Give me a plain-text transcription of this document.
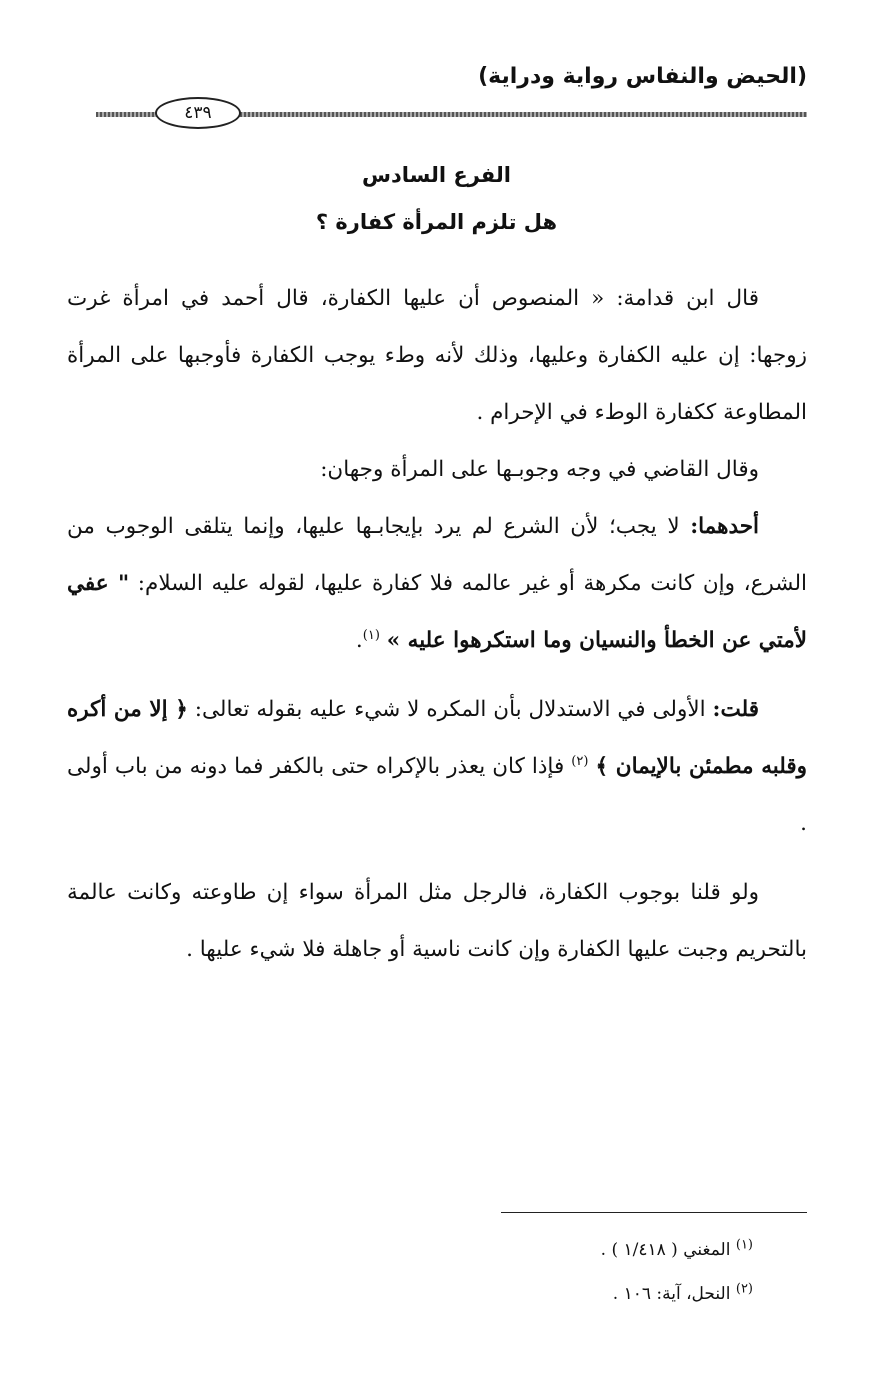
(الحيض والنفاس رواية ودراية)
٤٣٩
الفرع السادس
هل تلزم المرأة كفارة ؟

قال ابن قدامة: « المنصوص أن عليها الكفارة، قال أحمد في امرأة غرت زوجها: إن عليه الكفارة وعليها، وذلك لأنه وطء يوجب الكفارة فأوجبها على المرأة المطاوعة ككفارة الوطء في الإحرام .

وقال القاضي في وجه وجوبـها على المرأة وجهان:

أحدهما: لا يجب؛ لأن الشرع لم يرد بإيجابـها عليها، وإنما يتلقى الوجوب من الشرع، وإن كانت مكرهة أو غير عالمه فلا كفارة عليها، لقوله عليه السلام: " عفي لأمتي عن الخطأ والنسيان وما استكرهوا عليه » $^{(١)}$.

قلت: الأولى في الاستدلال بأن المكره لا شيء عليه بقوله تعالى: ﴿ إلا من أكره وقلبه مطمئن بالإيمان ﴾ $^{(٢)}$ فإذا كان يعذر بالإكراه حتى بالكفر فما دونه من باب أولى .

ولو قلنا بوجوب الكفارة، فالرجل مثل المرأة سواء إن طاوعته وكانت عالمة بالتحريم وجبت عليها الكفارة وإن كانت ناسية أو جاهلة فلا شيء عليها .

$^{(١)}$ المغني ( ١/٤١٨ ) .
$^{(٢)}$ النحل، آية: ١٠٦ .
